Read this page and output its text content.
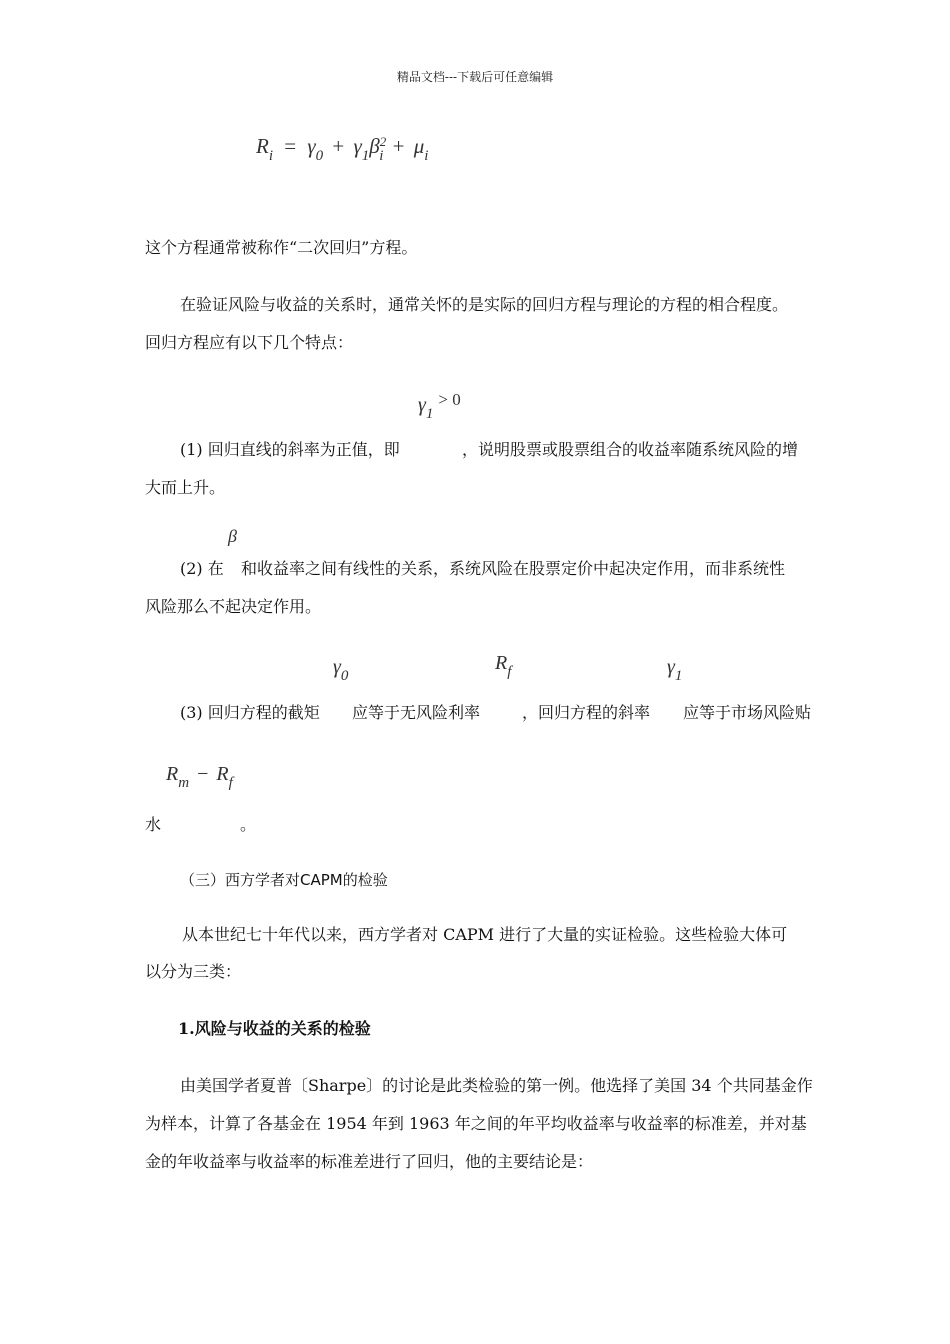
精品文档---下载后可任意编辑
$R_i = \gamma_0 + \gamma_1\beta^2_i + \mu_i$
这个方程通常被称作“二次回归”方程。
在验证风险与收益的关系时，通常关怀的是实际的回归方程与理论的方程的相合程度。
回归方程应有以下几个特点：
$\gamma_1$ $^{> 0}$
(1) 回归直线的斜率为正值，即	，说明股票或股票组合的收益率随系统风险的增
大而上升。
β
(2) 在 和收益率之间有线性的关系，系统风险在股票定价中起决定作用，而非系统性
风险那么不起决定作用。
$\gamma_0$
$R_f$	$\gamma_1$
(3) 回归方程的截矩 应等于无风险利率	，回归方程的斜率 应等于市场风险贴
$R_m - R_f$
水	。
（三）西方学者对CAPM的检验
从本世纪七十年代以来，西方学者对 CAPM 进行了大量的实证检验。这些检验大体可
以分为三类：
1.风险与收益的关系的检验
由美国学者夏普〔Sharpe〕的讨论是此类检验的第一例。他选择了美国 34 个共同基金作
为样本，计算了各基金在 1954 年到 1963 年之间的年平均收益率与收益率的标准差，并对基
金的年收益率与收益率的标准差进行了回归，他的主要结论是：
